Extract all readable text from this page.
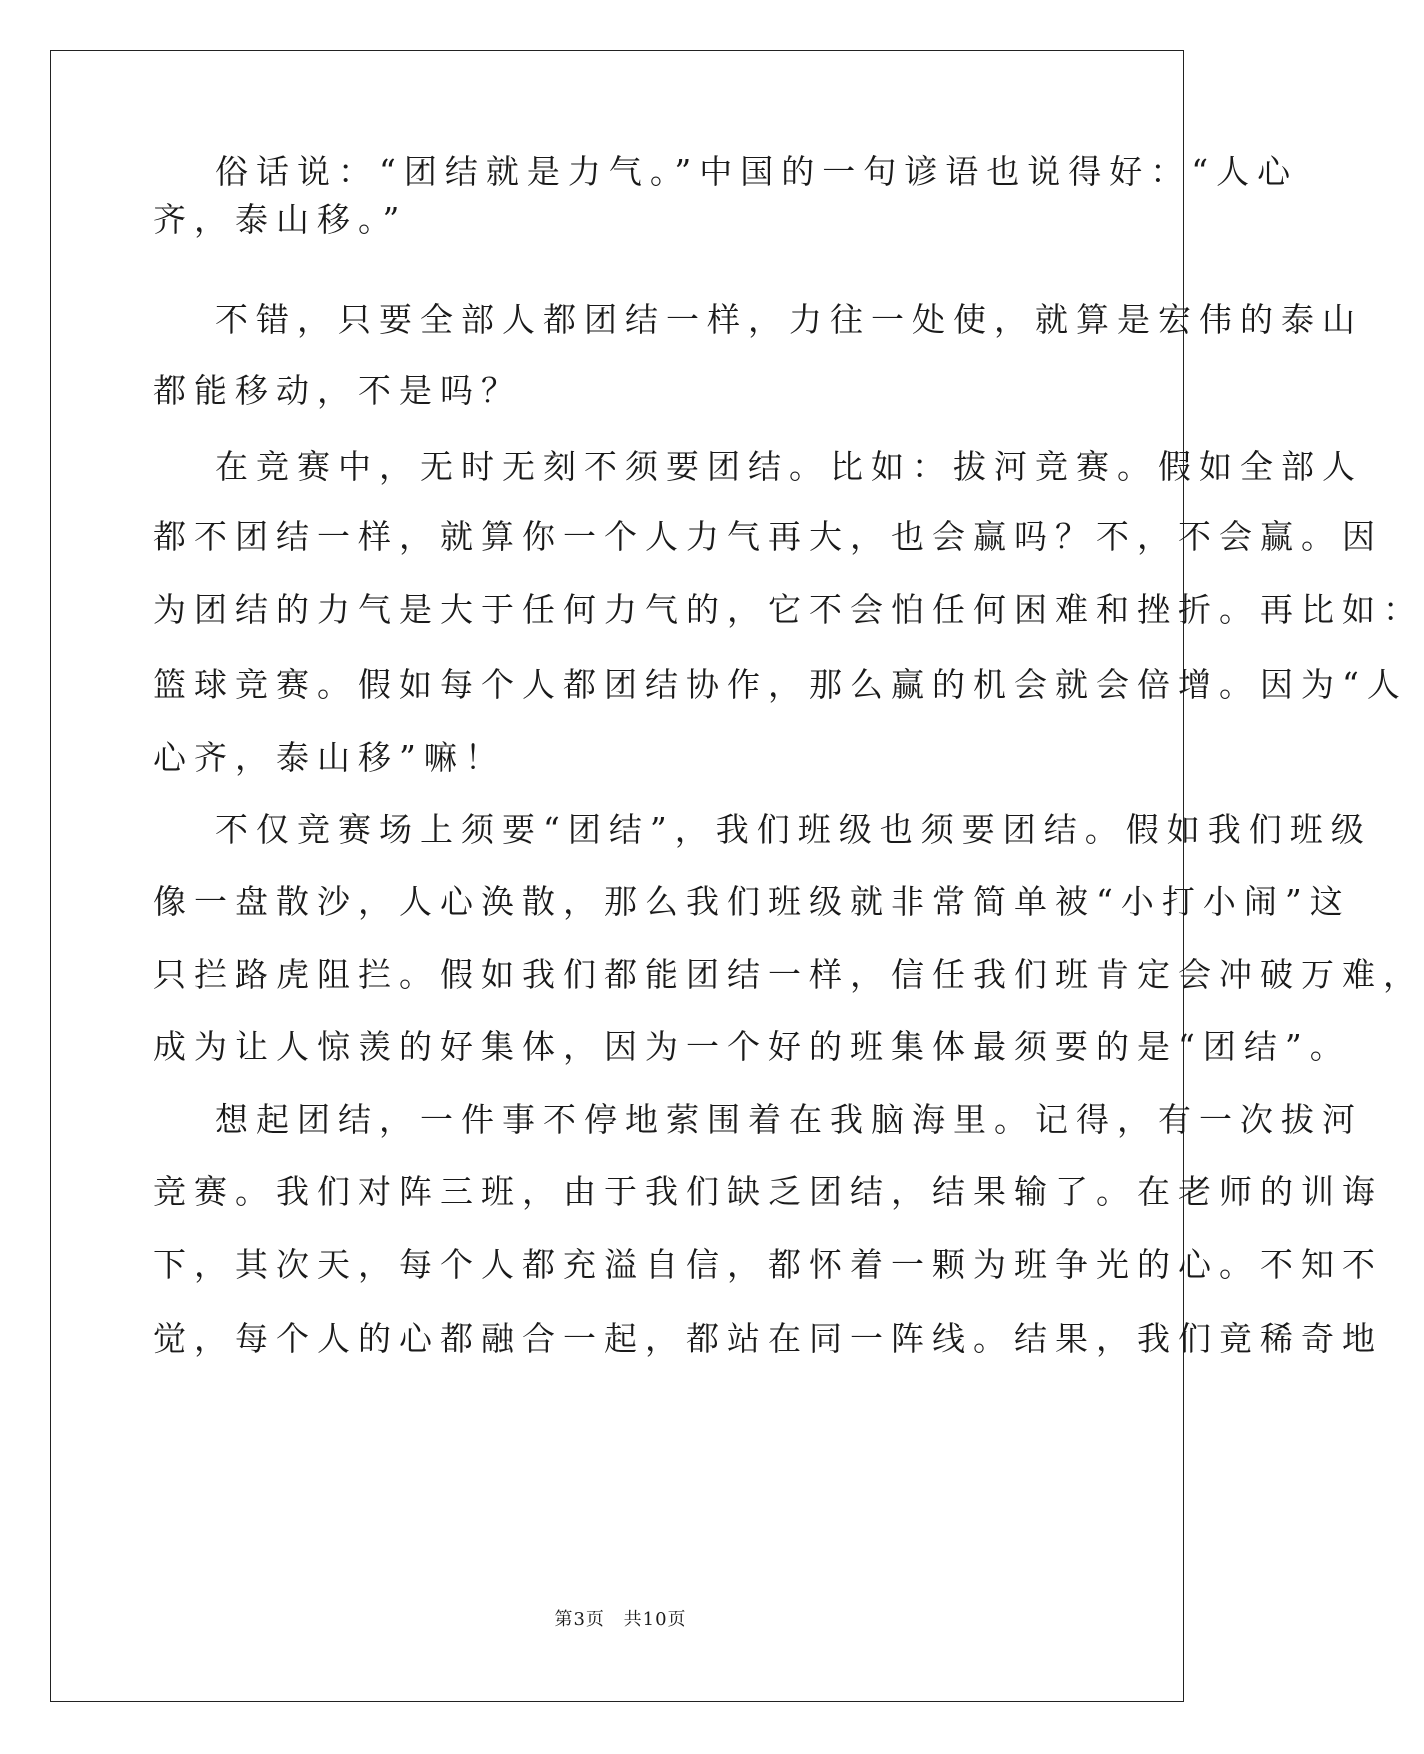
俗话说：“团结就是力气。”中国的一句谚语也说得好：“人心
齐，泰山移。”
不错，只要全部人都团结一样，力往一处使，就算是宏伟的泰山
都能移动，不是吗？
在竞赛中，无时无刻不须要团结。比如：拔河竞赛。假如全部人
都不团结一样，就算你一个人力气再大，也会赢吗？不，不会赢。因
为团结的力气是大于任何力气的，它不会怕任何困难和挫折。再比如：
篮球竞赛。假如每个人都团结协作，那么赢的机会就会倍增。因为“人
心齐，泰山移”嘛！
不仅竞赛场上须要“团结”，我们班级也须要团结。假如我们班级
像一盘散沙，人心涣散，那么我们班级就非常简单被“小打小闹”这
只拦路虎阻拦。假如我们都能团结一样，信任我们班肯定会冲破万难，
成为让人惊羡的好集体，因为一个好的班集体最须要的是“团结”。
想起团结，一件事不停地萦围着在我脑海里。记得，有一次拔河
竞赛。我们对阵三班，由于我们缺乏团结，结果输了。在老师的训诲
下，其次天，每个人都充溢自信，都怀着一颗为班争光的心。不知不
觉，每个人的心都融合一起，都站在同一阵线。结果，我们竟稀奇地
第3页 共10页
